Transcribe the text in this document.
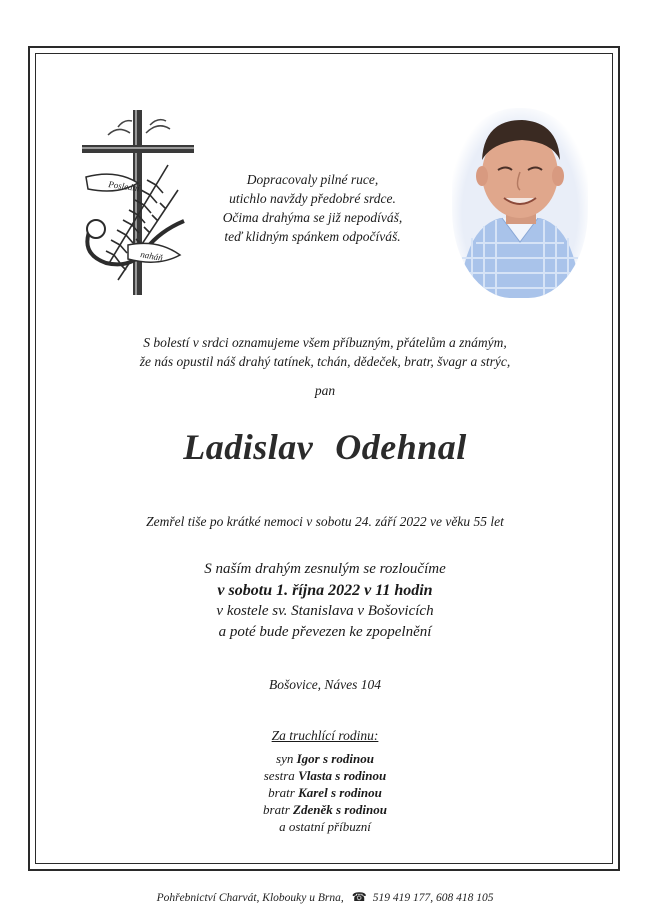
Poslední
naháň
Dopracovaly pilné ruce,
utichlo navždy předobré srdce.
Očima drahýma se již nepodíváš,
teď klidným spánkem odpočíváš.
S bolestí v srdci oznamujeme všem příbuzným, přátelům a známým,
že nás opustil náš drahý tatínek, tchán, dědeček, bratr, švagr a strýc,
pan
Ladislav Odehnal
Zemřel tiše po krátké nemoci v sobotu 24. září 2022 ve věku 55 let
S naším drahým zesnulým se rozloučíme
v sobotu 1. října 2022 v 11 hodin
v kostele sv. Stanislava v Bošovicích
a poté bude převezen ke zpopelnění
Bošovice, Náves 104
Za truchlící rodinu:
syn Igor s rodinou
sestra Vlasta s rodinou
bratr Karel s rodinou
bratr Zdeněk s rodinou
a ostatní příbuzní
Pohřebnictví Charvát, Klobouky u Brna, ☎ 519 419 177, 608 418 105
